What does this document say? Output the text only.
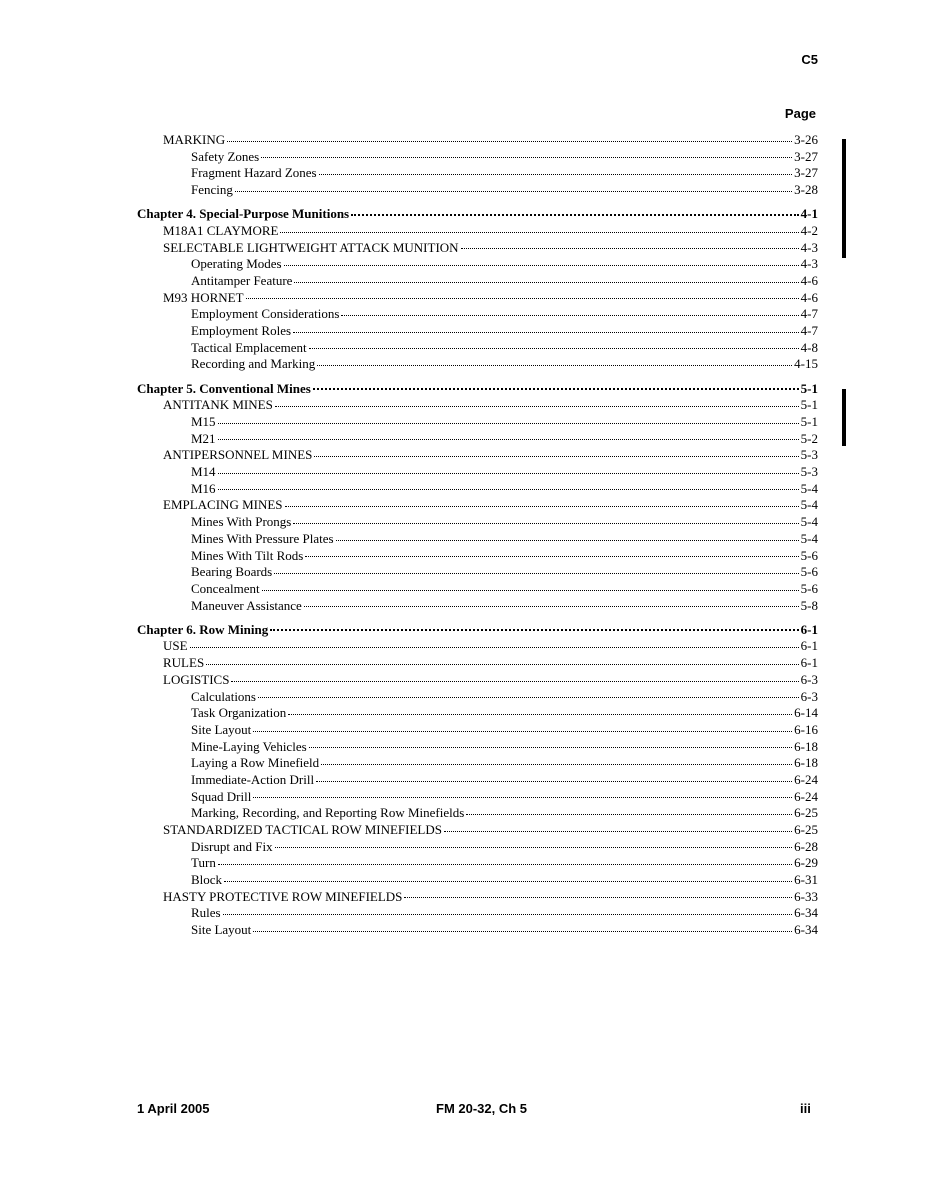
C5
Page
MARKING	3-26
Safety Zones	3-27
Fragment Hazard Zones	3-27
Fencing	3-28
Chapter 4. Special-Purpose Munitions	4-1
M18A1 CLAYMORE	4-2
SELECTABLE LIGHTWEIGHT ATTACK MUNITION	4-3
Operating Modes	4-3
Antitamper Feature	4-6
M93 HORNET	4-6
Employment Considerations	4-7
Employment Roles	4-7
Tactical Emplacement	4-8
Recording and Marking	4-15
Chapter 5. Conventional Mines	5-1
ANTITANK MINES	5-1
M15	5-1
M21	5-2
ANTIPERSONNEL MINES	5-3
M14	5-3
M16	5-4
EMPLACING MINES	5-4
Mines With Prongs	5-4
Mines With Pressure Plates	5-4
Mines With Tilt Rods	5-6
Bearing Boards	5-6
Concealment	5-6
Maneuver Assistance	5-8
Chapter 6. Row Mining	6-1
USE	6-1
RULES	6-1
LOGISTICS	6-3
Calculations	6-3
Task Organization	6-14
Site Layout	6-16
Mine-Laying Vehicles	6-18
Laying a Row Minefield	6-18
Immediate-Action Drill	6-24
Squad Drill	6-24
Marking, Recording, and Reporting Row Minefields	6-25
STANDARDIZED TACTICAL ROW MINEFIELDS	6-25
Disrupt and Fix	6-28
Turn	6-29
Block	6-31
HASTY PROTECTIVE ROW MINEFIELDS	6-33
Rules	6-34
Site Layout	6-34
1 April 2005	FM 20-32, Ch 5	iii
